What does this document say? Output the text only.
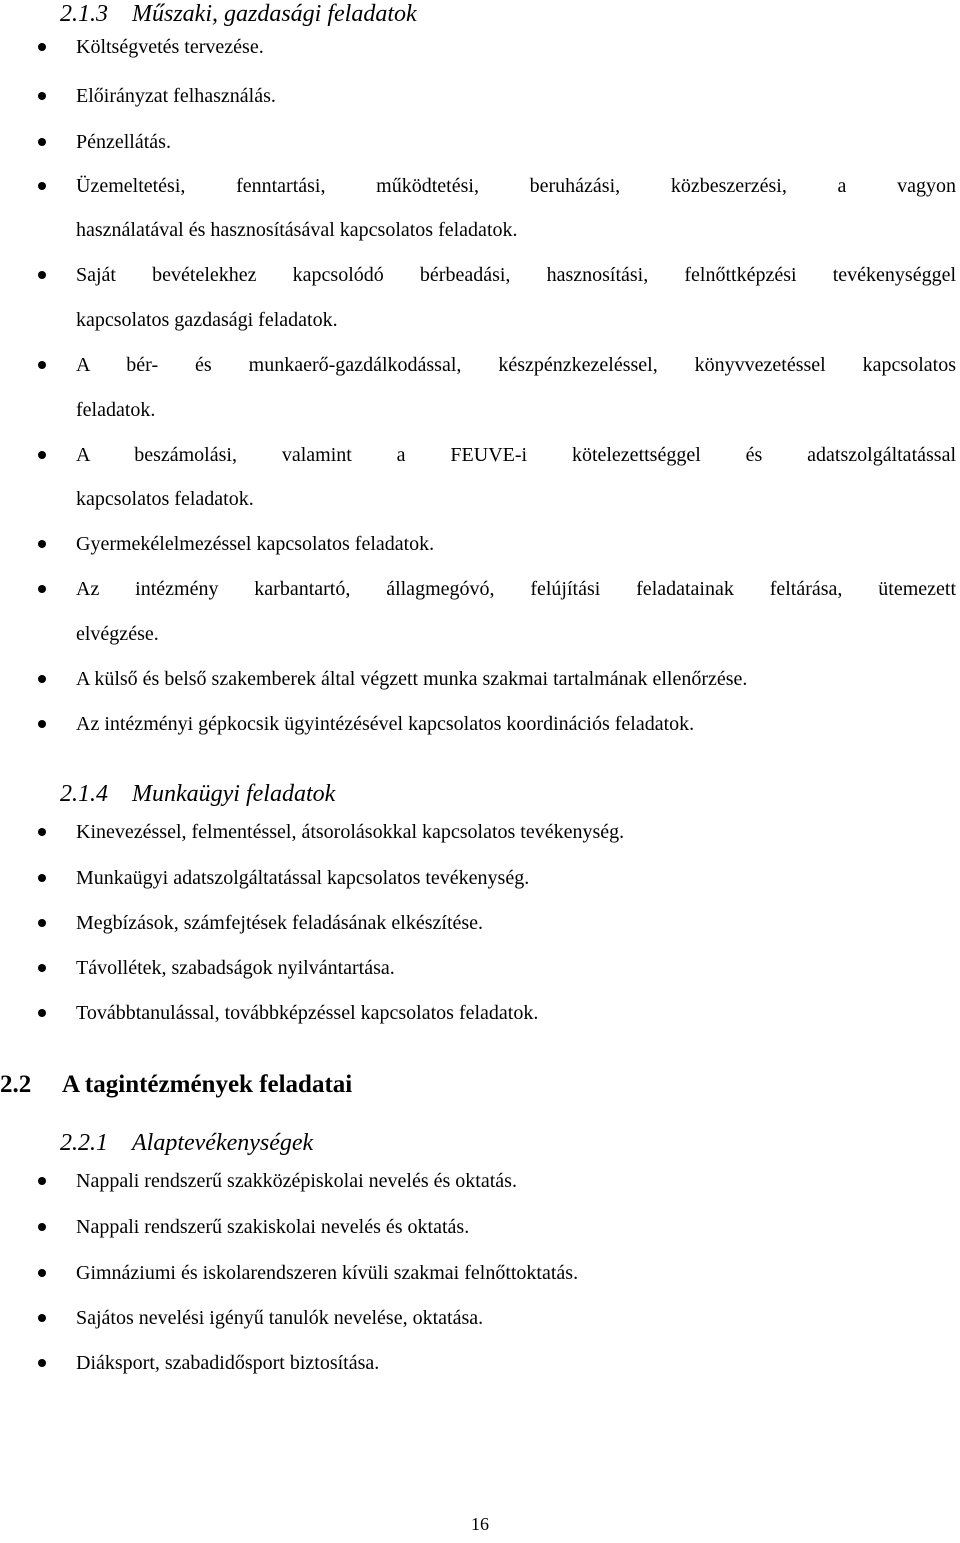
2.1.3 Műszaki, gazdasági feladatok
Költségvetés tervezése.
Előirányzat felhasználás.
Pénzellátás.
Üzemeltetési, fenntartási, működtetési, beruházási, közbeszerzési, a vagyon
használatával és hasznosításával kapcsolatos feladatok.
Saját bevételekhez kapcsolódó bérbeadási, hasznosítási, felnőttképzési tevékenységgel
kapcsolatos gazdasági feladatok.
A bér- és munkaerő-gazdálkodással, készpénzkezeléssel, könyvvezetéssel kapcsolatos
feladatok.
A beszámolási, valamint a FEUVE-i kötelezettséggel és adatszolgáltatással
kapcsolatos feladatok.
Gyermekélelmezéssel kapcsolatos feladatok.
Az intézmény karbantartó, állagmegóvó, felújítási feladatainak feltárása, ütemezett
elvégzése.
A külső és belső szakemberek által végzett munka szakmai tartalmának ellenőrzése.
Az intézményi gépkocsik ügyintézésével kapcsolatos koordinációs feladatok.
2.1.4 Munkaügyi feladatok
Kinevezéssel, felmentéssel, átsorolásokkal kapcsolatos tevékenység.
Munkaügyi adatszolgáltatással kapcsolatos tevékenység.
Megbízások, számfejtések feladásának elkészítése.
Távollétek, szabadságok nyilvántartása.
Továbbtanulással, továbbképzéssel kapcsolatos feladatok.
2.2 A tagintézmények feladatai
2.2.1 Alaptevékenységek
Nappali rendszerű szakközépiskolai nevelés és oktatás.
Nappali rendszerű szakiskolai nevelés és oktatás.
Gimnáziumi és iskolarendszeren kívüli szakmai felnőttoktatás.
Sajátos nevelési igényű tanulók nevelése, oktatása.
Diáksport, szabadidősport biztosítása.
16
